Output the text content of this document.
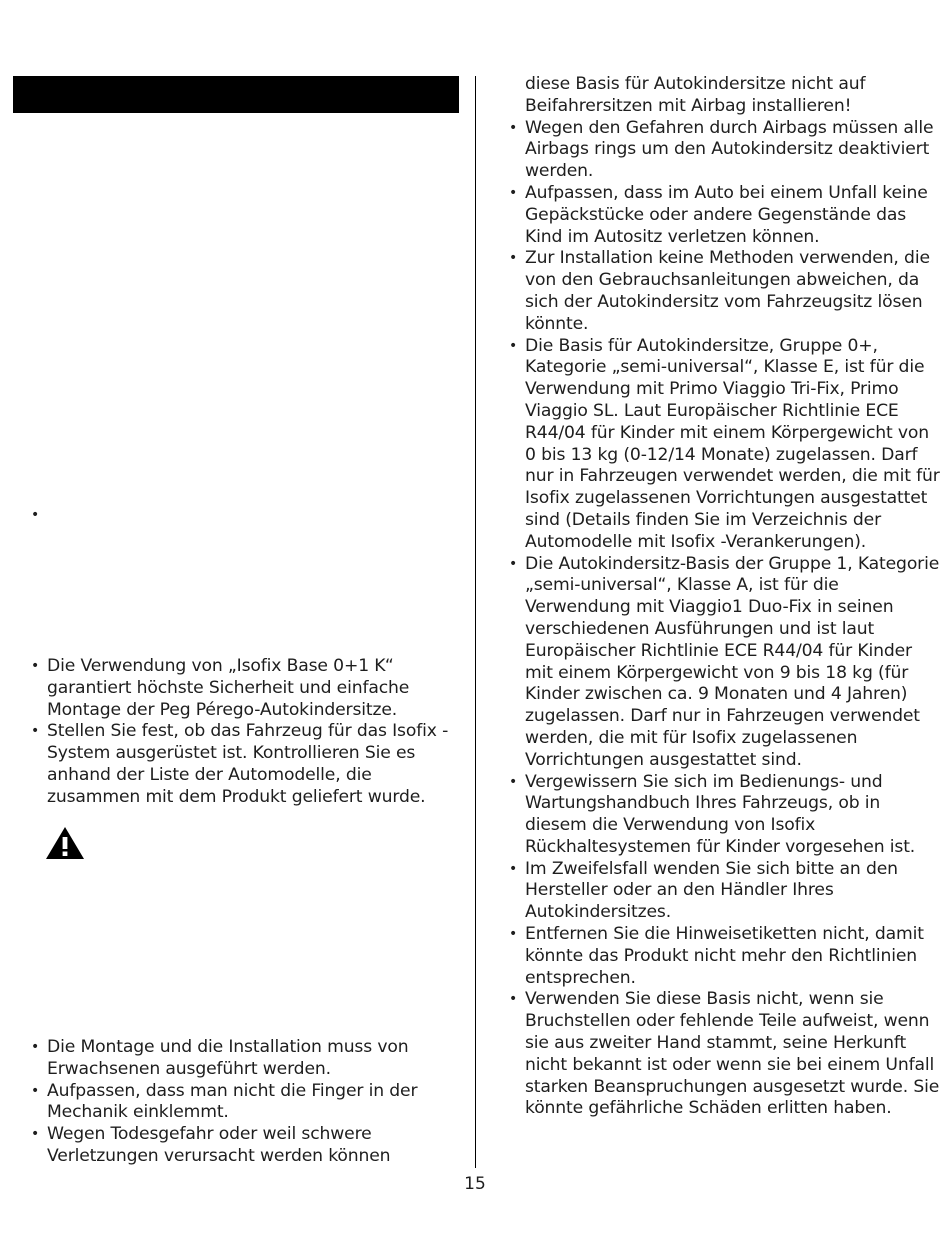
•
• Die Verwendung von „Isofix Base 0+1 K“ garantiert höchste Sicherheit und einfache Montage der Peg Pérego-Autokindersitze.
• Stellen Sie fest, ob das Fahrzeug für das Isofix -System ausgerüstet ist. Kontrollieren Sie es anhand der Liste der Automodelle, die zusammen mit dem Produkt geliefert wurde.
• Die Montage und die Installation muss von Erwachsenen ausgeführt werden.
• Aufpassen, dass man nicht die Finger in der Mechanik einklemmt.
• Wegen Todesgefahr oder weil schwere Verletzungen verursacht werden können
diese Basis für Autokindersitze nicht auf Beifahrersitzen mit Airbag installieren!
• Wegen den Gefahren durch Airbags müssen alle Airbags rings um den Autokindersitz deaktiviert werden.
• Aufpassen, dass im Auto bei einem Unfall keine Gepäckstücke oder andere Gegenstände das Kind im Autositz verletzen können.
• Zur Installation keine Methoden verwenden, die von den Gebrauchsanleitungen abweichen, da sich der Autokindersitz vom Fahrzeugsitz lösen könnte.
• Die Basis für Autokindersitze, Gruppe 0+, Kategorie „semi-universal“, Klasse E, ist für die Verwendung mit Primo Viaggio Tri-Fix, Primo Viaggio SL. Laut Europäischer Richtlinie ECE R44/04 für Kinder mit einem Körpergewicht von 0 bis 13 kg (0-12/14 Monate) zugelassen. Darf nur in Fahrzeugen verwendet werden, die mit für Isofix zugelassenen Vorrichtungen ausgestattet sind (Details finden Sie im Verzeichnis der Automodelle mit Isofix -Verankerungen).
• Die Autokindersitz-Basis der Gruppe 1, Kategorie „semi-universal“, Klasse A, ist für die Verwendung mit Viaggio1 Duo-Fix in seinen verschiedenen Ausführungen und ist laut Europäischer Richtlinie ECE R44/04 für Kinder mit einem Körpergewicht von 9 bis 18 kg (für Kinder zwischen ca. 9 Monaten und 4 Jahren) zugelassen. Darf nur in Fahrzeugen verwendet werden, die mit für Isofix zugelassenen Vorrichtungen ausgestattet sind.
• Vergewissern Sie sich im Bedienungs- und Wartungshandbuch Ihres Fahrzeugs, ob in diesem die Verwendung von Isofix Rückhaltesystemen für Kinder vorgesehen ist.
• Im Zweifelsfall wenden Sie sich bitte an den Hersteller oder an den Händler Ihres Autokindersitzes.
• Entfernen Sie die Hinweisetiketten nicht, damit könnte das Produkt nicht mehr den Richtlinien entsprechen.
• Verwenden Sie diese Basis nicht, wenn sie Bruchstellen oder fehlende Teile aufweist, wenn sie aus zweiter Hand stammt, seine Herkunft nicht bekannt ist oder wenn sie bei einem Unfall starken Beanspruchungen ausgesetzt wurde. Sie könnte gefährliche Schäden erlitten haben.
15
